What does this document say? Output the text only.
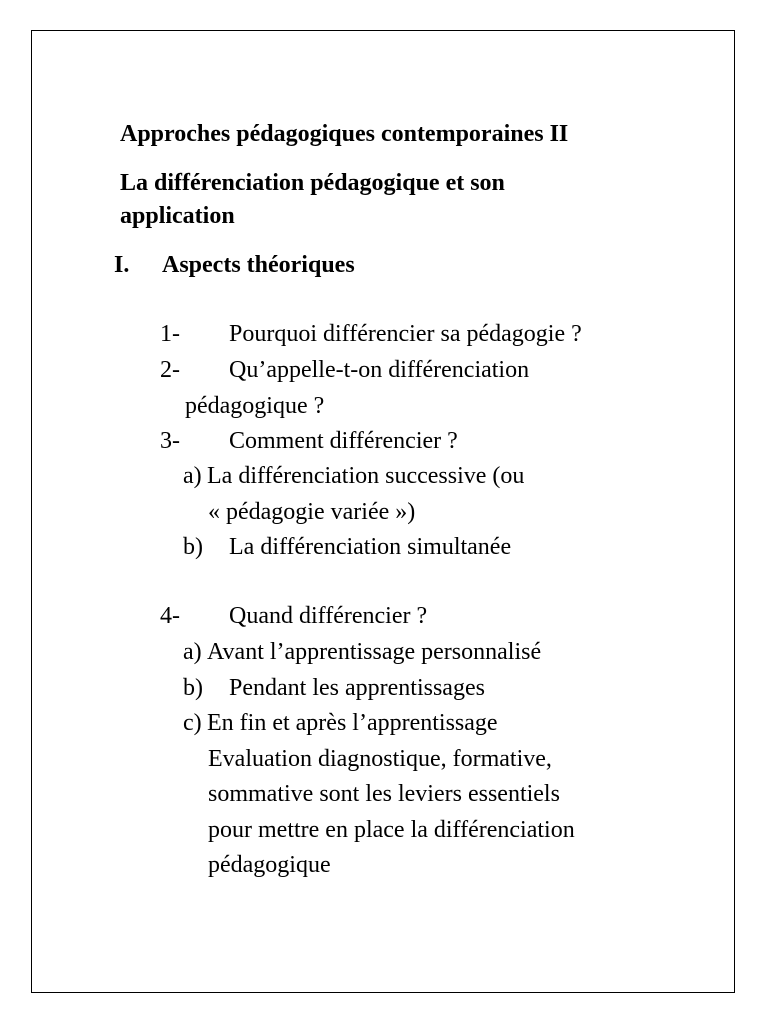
Approches pédagogiques contemporaines II
La différenciation pédagogique et son
application
I. Aspects théoriques
1- Pourquoi différencier sa pédagogie ?
2- Qu’appelle-t-on différenciation
pédagogique ?
3- Comment différencier ?
a) La différenciation successive (ou
« pédagogie variée »)
b) La différenciation simultanée
4- Quand différencier ?
a) Avant l’apprentissage personnalisé
b) Pendant les apprentissages
c) En fin et après l’apprentissage
Evaluation diagnostique, formative,
sommative sont les leviers essentiels
pour mettre en place la différenciation
pédagogique
